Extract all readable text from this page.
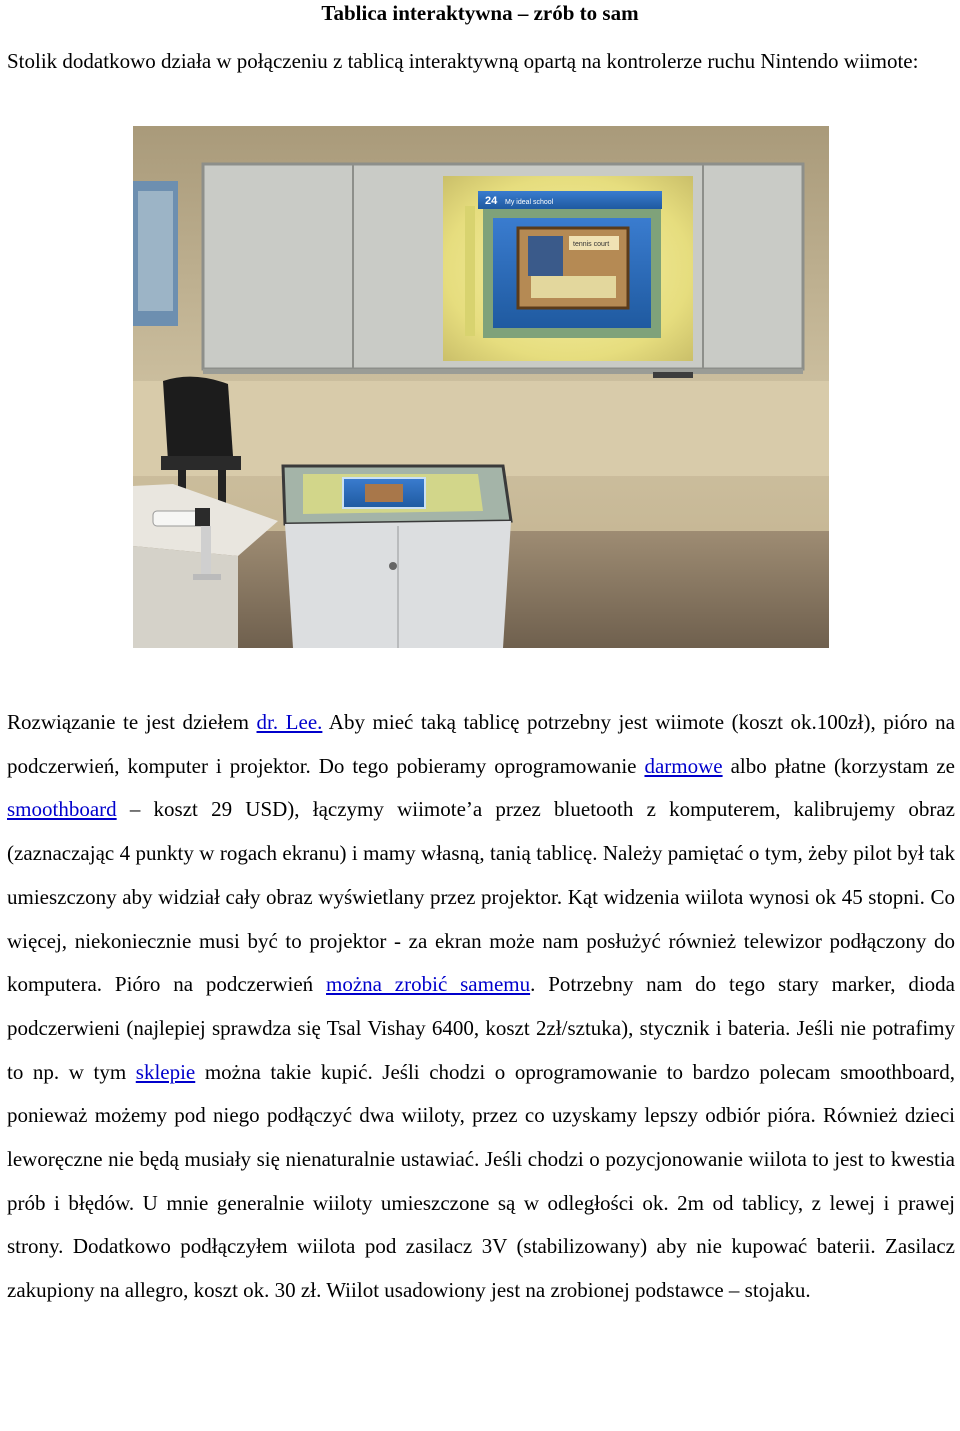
Tablica interaktywna – zrób to sam
Stolik dodatkowo działa w połączeniu z tablicą interaktywną opartą na kontrolerze ruchu Nintendo wiimote:
24 My ideal school
tennis court
Rozwiązanie te jest dziełem dr. Lee. Aby mieć taką tablicę potrzebny jest wiimote (koszt ok.100zł), pióro na podczerwień, komputer i projektor. Do tego pobieramy oprogramowanie darmowe albo płatne (korzystam ze smoothboard – koszt 29 USD), łączymy wiimote’a przez bluetooth z komputerem, kalibrujemy obraz (zaznaczając 4 punkty w rogach ekranu) i mamy własną, tanią tablicę. Należy pamiętać o tym, żeby pilot był tak umieszczony aby widział cały obraz wyświetlany przez projektor. Kąt widzenia wiilota wynosi ok 45 stopni. Co więcej, niekoniecznie musi być to projektor - za ekran może nam posłużyć również telewizor podłączony do komputera. Pióro na podczerwień można zrobić samemu. Potrzebny nam do tego stary marker, dioda podczerwieni (najlepiej sprawdza się Tsal Vishay 6400, koszt 2zł/sztuka), stycznik i bateria. Jeśli nie potrafimy to np. w tym sklepie można takie kupić. Jeśli chodzi o oprogramowanie to bardzo polecam smoothboard, ponieważ możemy pod niego podłączyć dwa wiiloty, przez co uzyskamy lepszy odbiór pióra. Również dzieci leworęczne nie będą musiały się nienaturalnie ustawiać. Jeśli chodzi o pozycjonowanie wiilota to jest to kwestia prób i błędów. U mnie generalnie wiiloty umieszczone są w odległości ok. 2m od tablicy, z lewej i prawej strony. Dodatkowo podłączyłem wiilota pod zasilacz 3V (stabilizowany) aby nie kupować baterii. Zasilacz zakupiony na allegro, koszt ok. 30 zł. Wiilot usadowiony jest na zrobionej podstawce – stojaku.
